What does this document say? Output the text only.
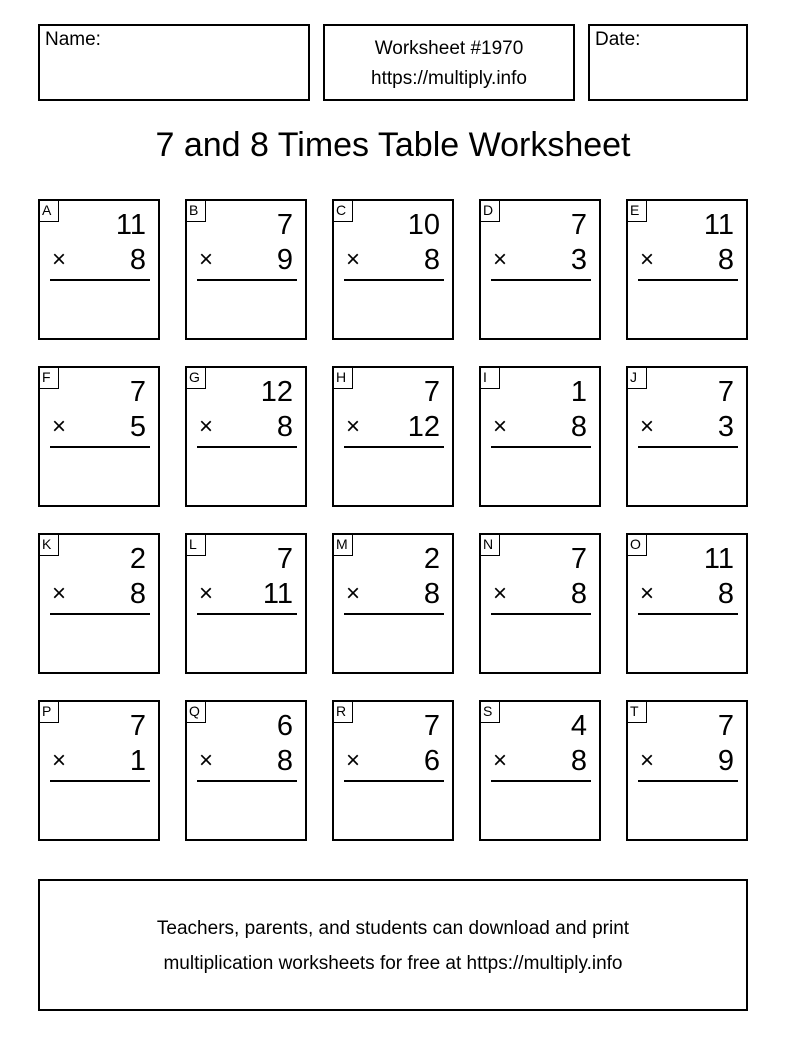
Name:	Worksheet #1970
https://multiply.info
Date:
7 and 8 Times Table Worksheet
A 11
× 8
B	7
× 9
C 10
× 8
D	7
× 3
E 11
× 8
F	7
× 5
G 12
× 8
H	7
× 12
I	1
× 8
J	7
× 3
K	2
× 8
L	7
× 11
M	2
× 8
N	7
× 8
O 11
× 8
P	7
× 1
Q	6
× 8
R	7
× 6
S	4
× 8
T	7
× 9
Teachers, parents, and students can download and print
multiplication worksheets for free at https://multiply.info
